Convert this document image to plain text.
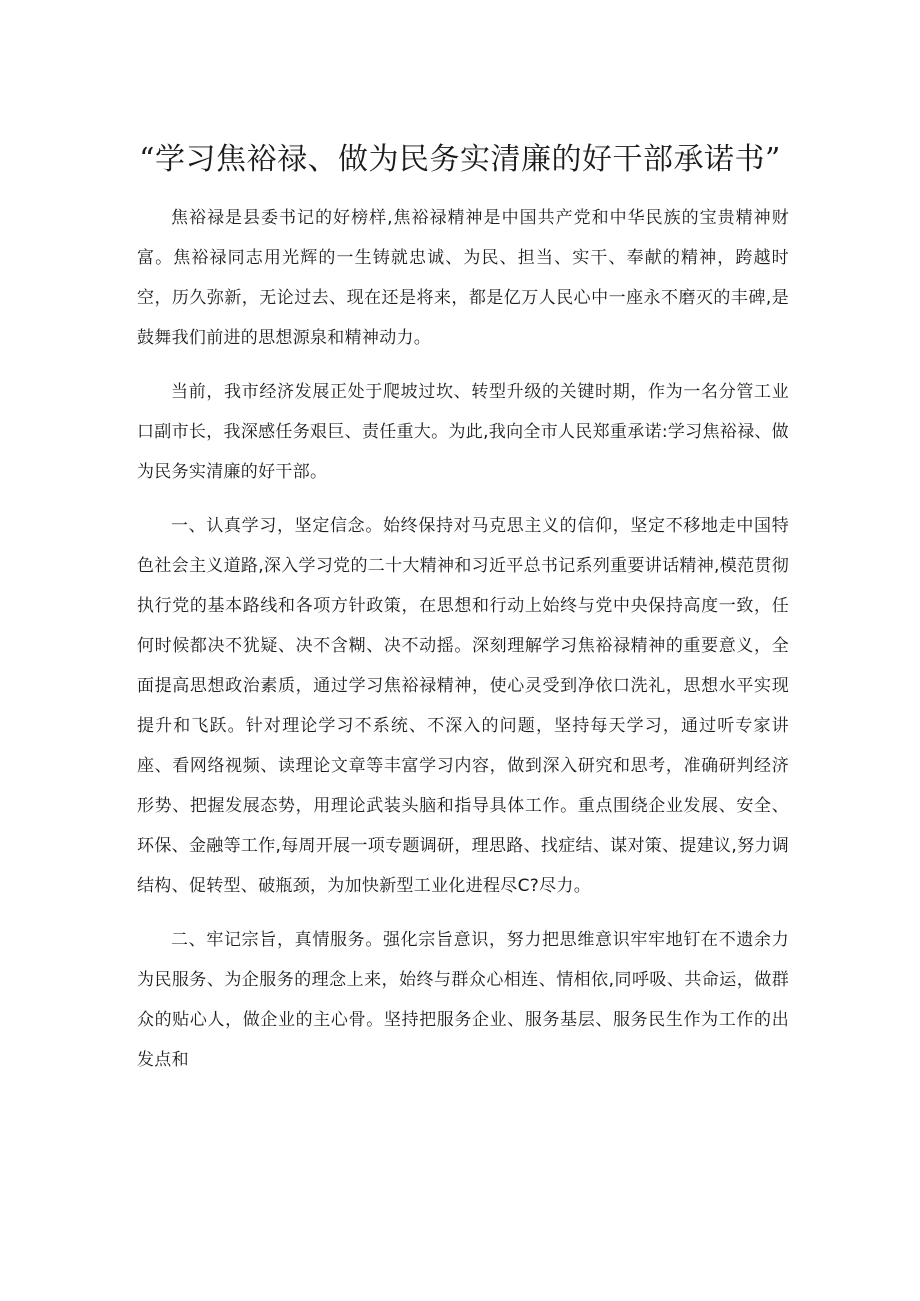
“学习焦裕禄、做为民务实清廉的好干部承诺书”

焦裕禄是县委书记的好榜样,焦裕禄精神是中国共产党和中华民族的宝贵精神财富。焦裕禄同志用光辉的一生铸就忠诚、为民、担当、实干、奉献的精神，跨越时空，历久弥新，无论过去、现在还是将来，都是亿万人民心中一座永不磨灭的丰碑,是鼓舞我们前进的思想源泉和精神动力。

当前，我市经济发展正处于爬坡过坎、转型升级的关键时期，作为一名分管工业口副市长，我深感任务艰巨、责任重大。为此,我向全市人民郑重承诺:学习焦裕禄、做为民务实清廉的好干部。

一、认真学习，坚定信念。始终保持对马克思主义的信仰，坚定不移地走中国特色社会主义道路,深入学习党的二十大精神和习近平总书记系列重要讲话精神,模范贯彻执行党的基本路线和各项方针政策，在思想和行动上始终与党中央保持高度一致，任何时候都决不犹疑、决不含糊、决不动摇。深刻理解学习焦裕禄精神的重要意义，全面提高思想政治素质，通过学习焦裕禄精神，使心灵受到净依口洗礼，思想水平实现提升和飞跃。针对理论学习不系统、不深入的问题，坚持每天学习，通过听专家讲座、看网络视频、读理论文章等丰富学习内容，做到深入研究和思考，准确研判经济形势、把握发展态势，用理论武装头脑和指导具体工作。重点围绕企业发展、安全、环保、金融等工作,每周开展一项专题调研，理思路、找症结、谋对策、提建议,努力调结构、促转型、破瓶颈，为加快新型工业化进程尽C?尽力。

二、牢记宗旨，真情服务。强化宗旨意识，努力把思维意识牢牢地钉在不遗余力为民服务、为企服务的理念上来，始终与群众心相连、情相依,同呼吸、共命运，做群众的贴心人，做企业的主心骨。坚持把服务企业、服务基层、服务民生作为工作的出发点和
